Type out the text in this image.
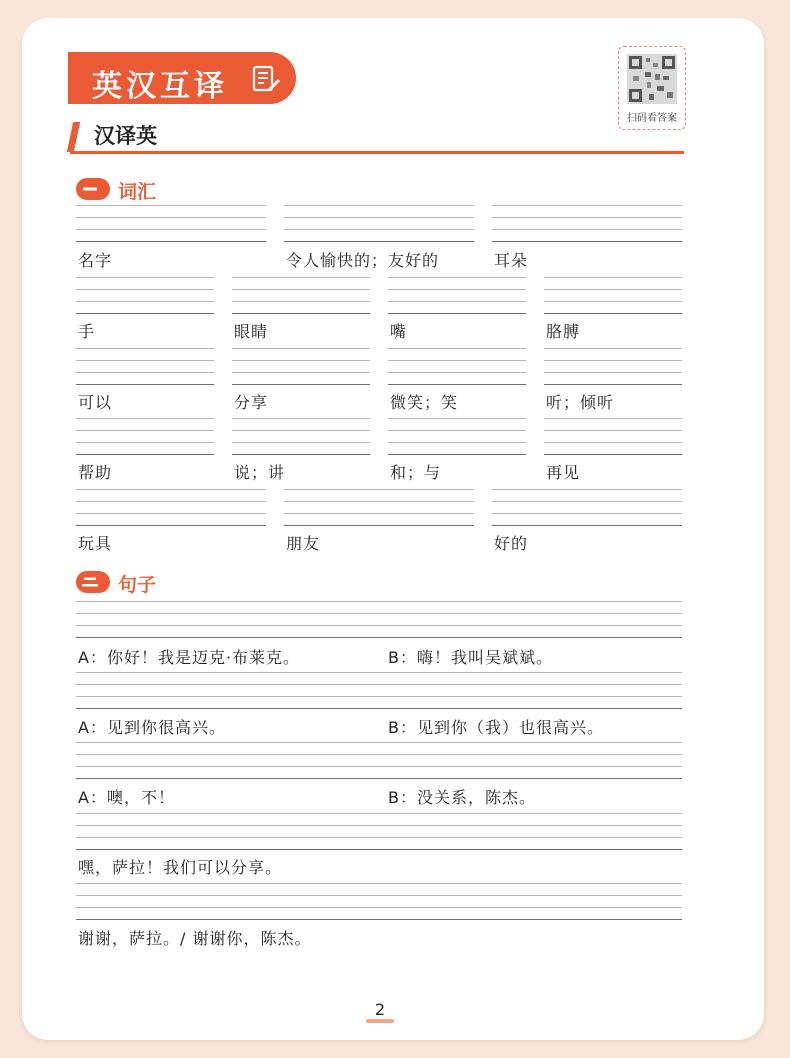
英汉互译
扫码看答案
汉译英
词汇
名字	令人愉快的；友好的	耳朵
手	眼睛	嘴	胳膊
可以	分享	微笑；笑	听；倾听
帮助	说；讲	和；与	再见
玩具	朋友	好的
句子
A：你好！我是迈克·布莱克。	B：嗨！我叫吴斌斌。
A：见到你很高兴。	B：见到你（我）也很高兴。
A：噢，不！	B：没关系，陈杰。
嘿，萨拉！我们可以分享。
谢谢，萨拉。/ 谢谢你，陈杰。
2
